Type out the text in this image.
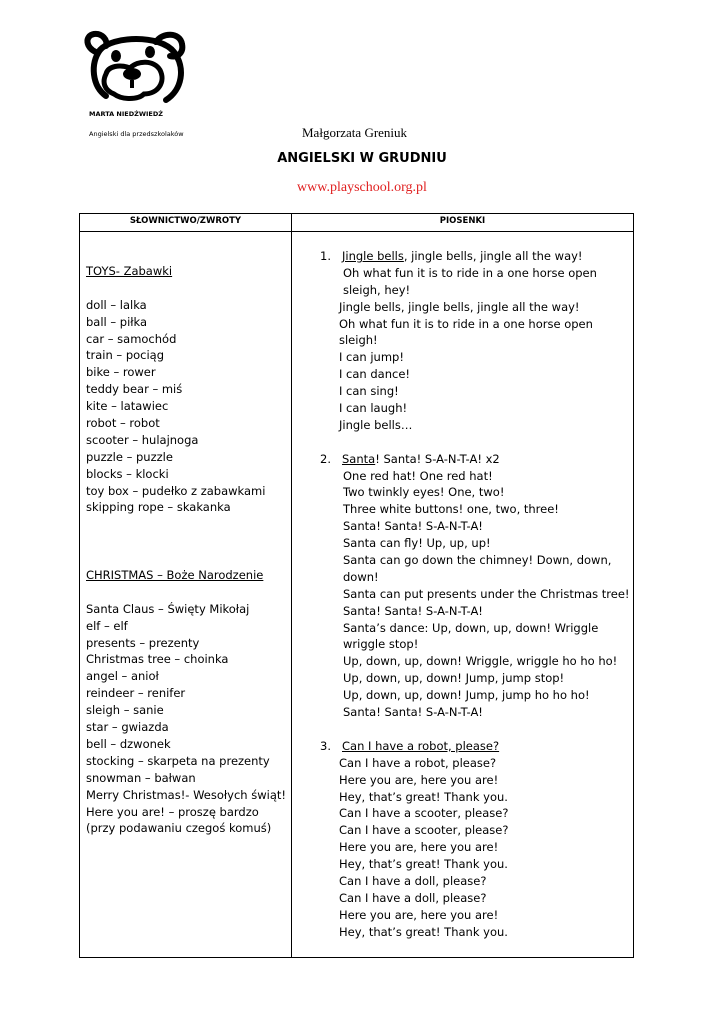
MARTA NIEDŹWIEDŹ
Angielski dla przedszkolaków	Małgorzata Greniuk
ANGIELSKI W GRUDNIU
www.playschool.org.pl
SŁOWNICTWO/ZWROTY	PIOSENKI
TOYS- Zabawki
doll – lalka
ball – piłka
car – samochód
train – pociąg
bike – rower
teddy bear – miś
kite – latawiec
robot – robot
scooter – hulajnoga
puzzle – puzzle
blocks – klocki
toy box – pudełko z zabawkami
skipping rope – skakanka
CHRISTMAS – Boże Narodzenie
Santa Claus – Święty Mikołaj
elf – elf
presents – prezenty
Christmas tree – choinka
angel – anioł
reindeer – renifer
sleigh – sanie
star – gwiazda
bell – dzwonek
stocking – skarpeta na prezenty
snowman – bałwan
Merry Christmas!- Wesołych świąt!
Here you are! – proszę bardzo
(przy podawaniu czegoś komuś)
1. Jingle bells, jingle bells, jingle all the way!
Oh what fun it is to ride in a one horse open
sleigh, hey!
Jingle bells, jingle bells, jingle all the way!
Oh what fun it is to ride in a one horse open
sleigh!
I can jump!
I can dance!
I can sing!
I can laugh!
Jingle bells…
2. Santa! Santa! S-A-N-T-A! x2
One red hat! One red hat!
Two twinkly eyes! One, two!
Three white buttons! one, two, three!
Santa! Santa! S-A-N-T-A!
Santa can fly! Up, up, up!
Santa can go down the chimney! Down, down,
down!
Santa can put presents under the Christmas tree!
Santa! Santa! S-A-N-T-A!
Santa’s dance: Up, down, up, down! Wriggle
wriggle stop!
Up, down, up, down! Wriggle, wriggle ho ho ho!
Up, down, up, down! Jump, jump stop!
Up, down, up, down! Jump, jump ho ho ho!
Santa! Santa! S-A-N-T-A!
3. Can I have a robot, please?
Can I have a robot, please?
Here you are, here you are!
Hey, that’s great! Thank you.
Can I have a scooter, please?
Can I have a scooter, please?
Here you are, here you are!
Hey, that’s great! Thank you.
Can I have a doll, please?
Can I have a doll, please?
Here you are, here you are!
Hey, that’s great! Thank you.
